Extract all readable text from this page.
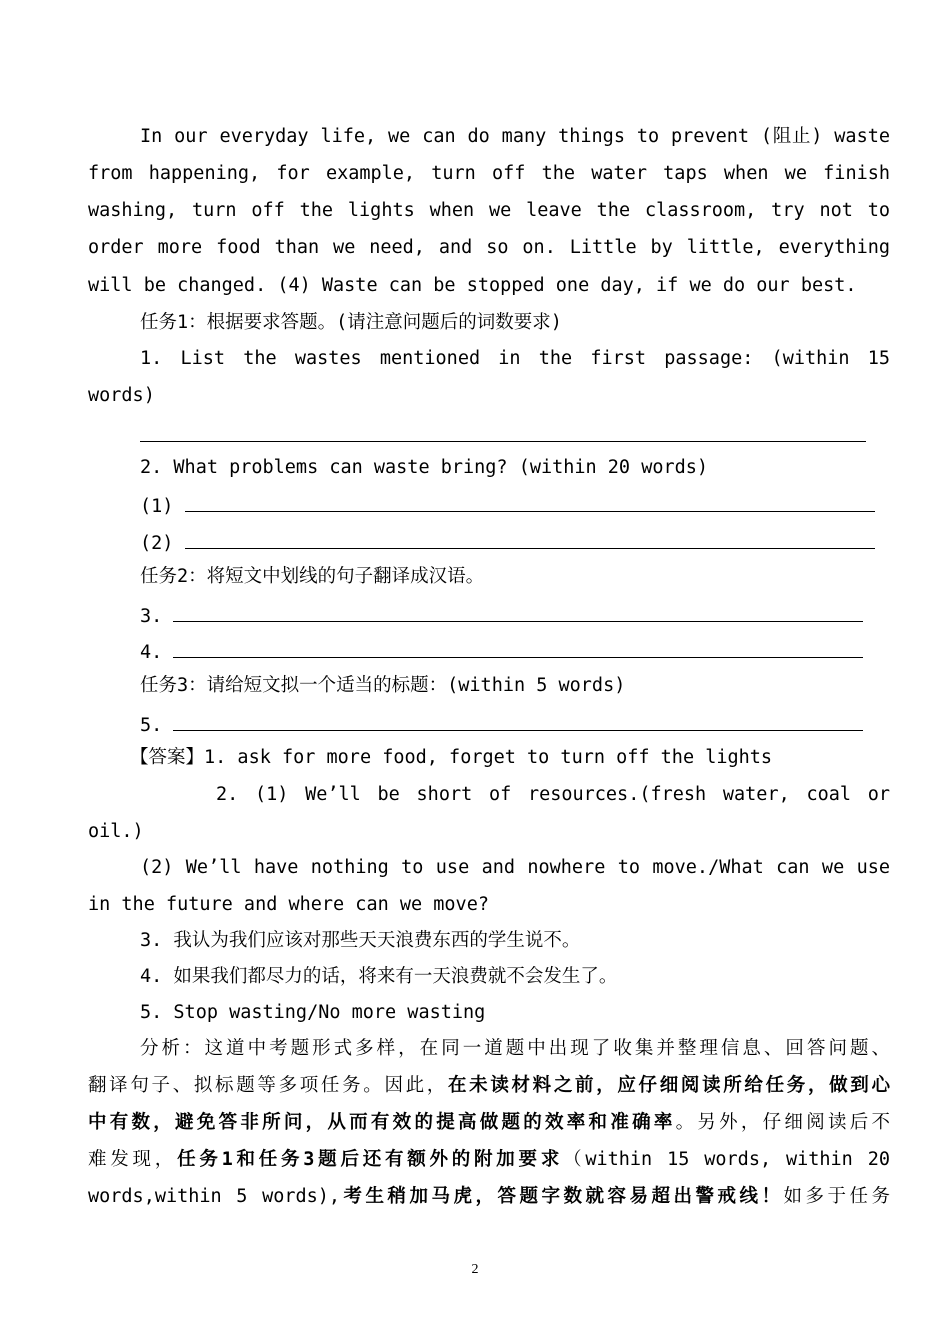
In our everyday life, we can do many things to prevent (阻止) waste
from happening, for example, turn off the water taps when we finish
washing, turn off the lights when we leave the classroom, try not to
order more food than we need, and so on. Little by little, everything
will be changed. (4) Waste can be stopped one day, if we do our best.
任务1：根据要求答题。(请注意问题后的词数要求)
1. List the wastes mentioned in the first passage: (within 15
words)
2. What problems can waste bring? (within 20 words)
(1)
(2)
任务2：将短文中划线的句子翻译成汉语。
3.
4.
任务3：请给短文拟一个适当的标题：(within 5 words)
5.
【答案】1. ask for more food, forget to turn off the lights
2. (1) We’ll be short of resources.(fresh water, coal or
oil.)
(2) We’ll have nothing to use and nowhere to move./What can we use
in the future and where can we move?
3. 我认为我们应该对那些天天浪费东西的学生说不。
4. 如果我们都尽力的话，将来有一天浪费就不会发生了。
5. Stop wasting/No more wasting
分析：这道中考题形式多样，在同一道题中出现了收集并整理信息、回答问题、
翻译句子、拟标题等多项任务。因此，在未读材料之前，应仔细阅读所给任务，做到心
中有数，避免答非所问，从而有效的提高做题的效率和准确率。另外，仔细阅读后不
难发现，任务1和任务3题后还有额外的附加要求（within 15 words, within 20
words,within 5 words),考生稍加马虎，答题字数就容易超出警戒线！如多于任务
2
